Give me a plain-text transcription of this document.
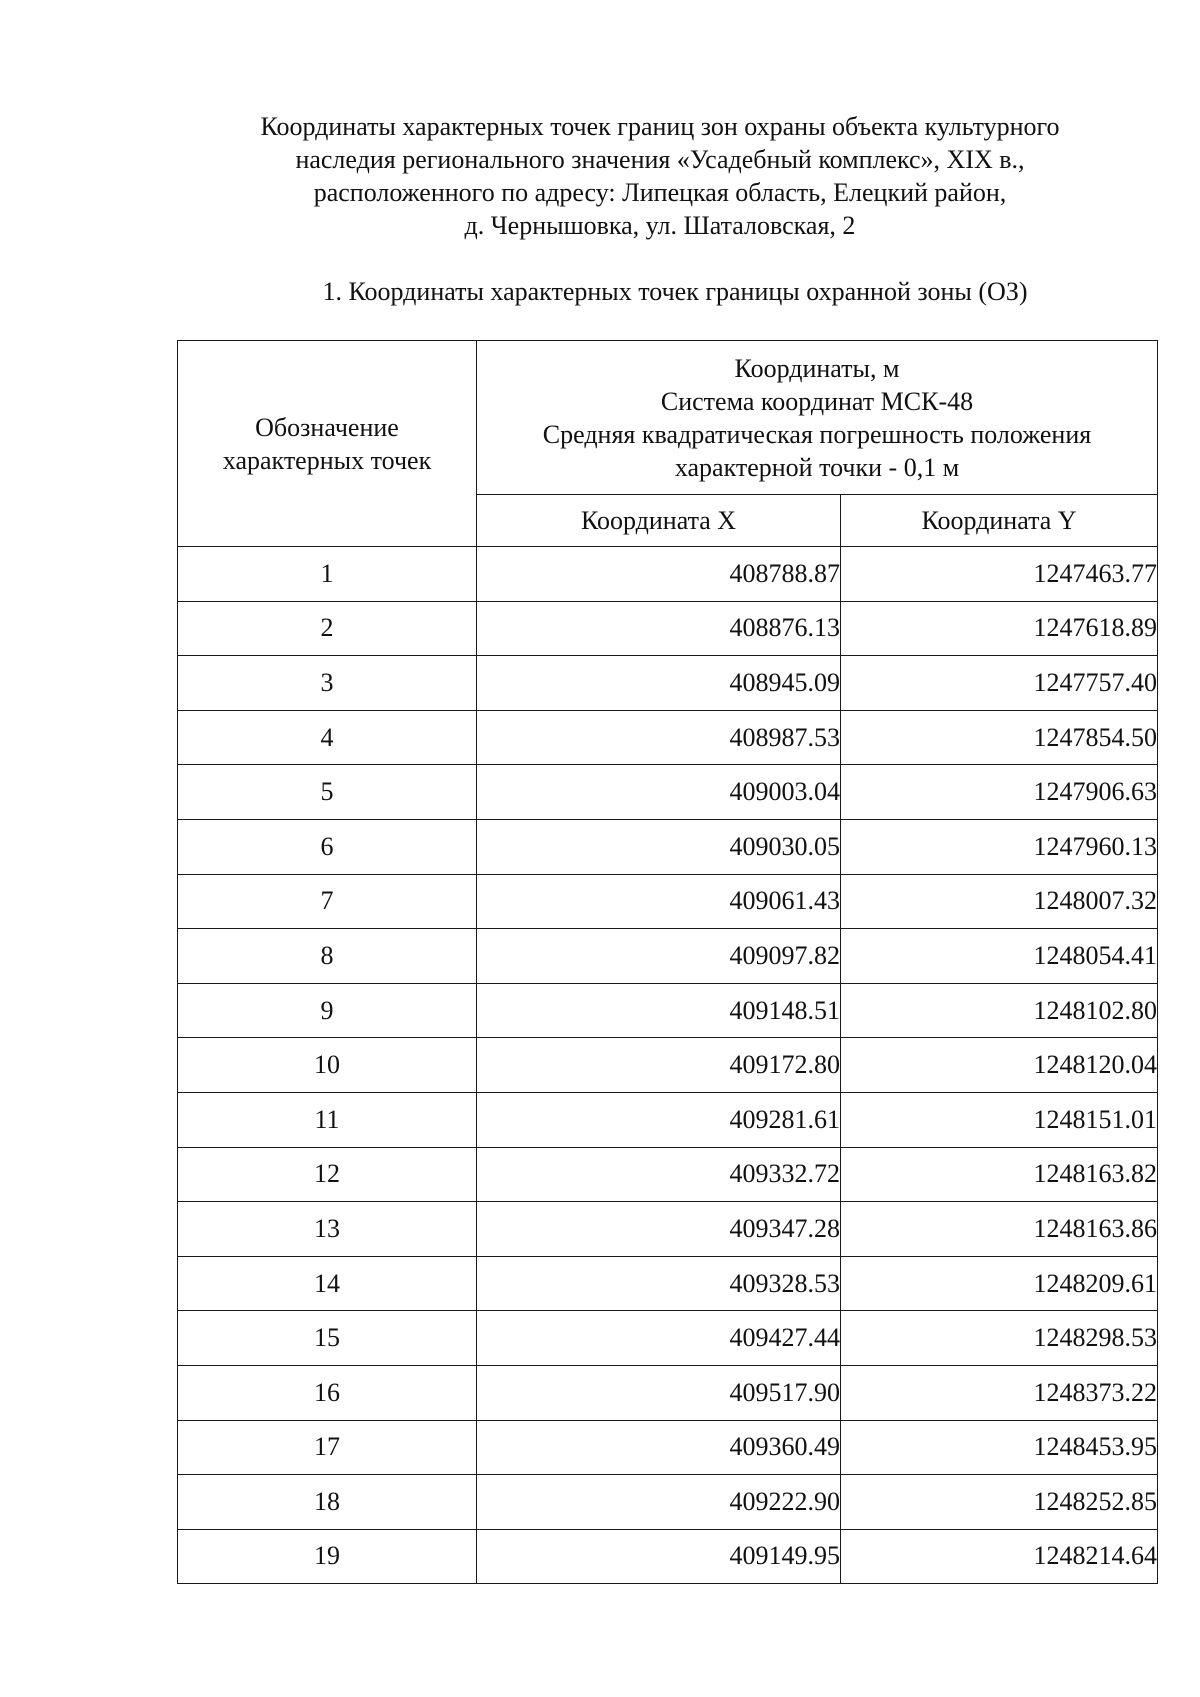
Координаты характерных точек границ зон охраны объекта культурного
наследия регионального значения «Усадебный комплекс», XIX в.,
расположенного по адресу: Липецкая область, Елецкий район,
д. Чернышовка, ул. Шаталовская, 2
1. Координаты характерных точек границы охранной зоны (ОЗ)
Обозначение
характерных точек	Координаты, м
Система координат МСК-48
Средняя квадратическая погрешность положения
характерной точки - 0,1 м	

	Координата X	Координата Y
1	408788.87	1247463.77
2	408876.13	1247618.89
3	408945.09	1247757.40
4	408987.53	1247854.50
5	409003.04	1247906.63
6	409030.05	1247960.13
7	409061.43	1248007.32
8	409097.82	1248054.41
9	409148.51	1248102.80
10	409172.80	1248120.04
11	409281.61	1248151.01
12	409332.72	1248163.82
13	409347.28	1248163.86
14	409328.53	1248209.61
15	409427.44	1248298.53
16	409517.90	1248373.22
17	409360.49	1248453.95
18	409222.90	1248252.85
19	409149.95	1248214.64
